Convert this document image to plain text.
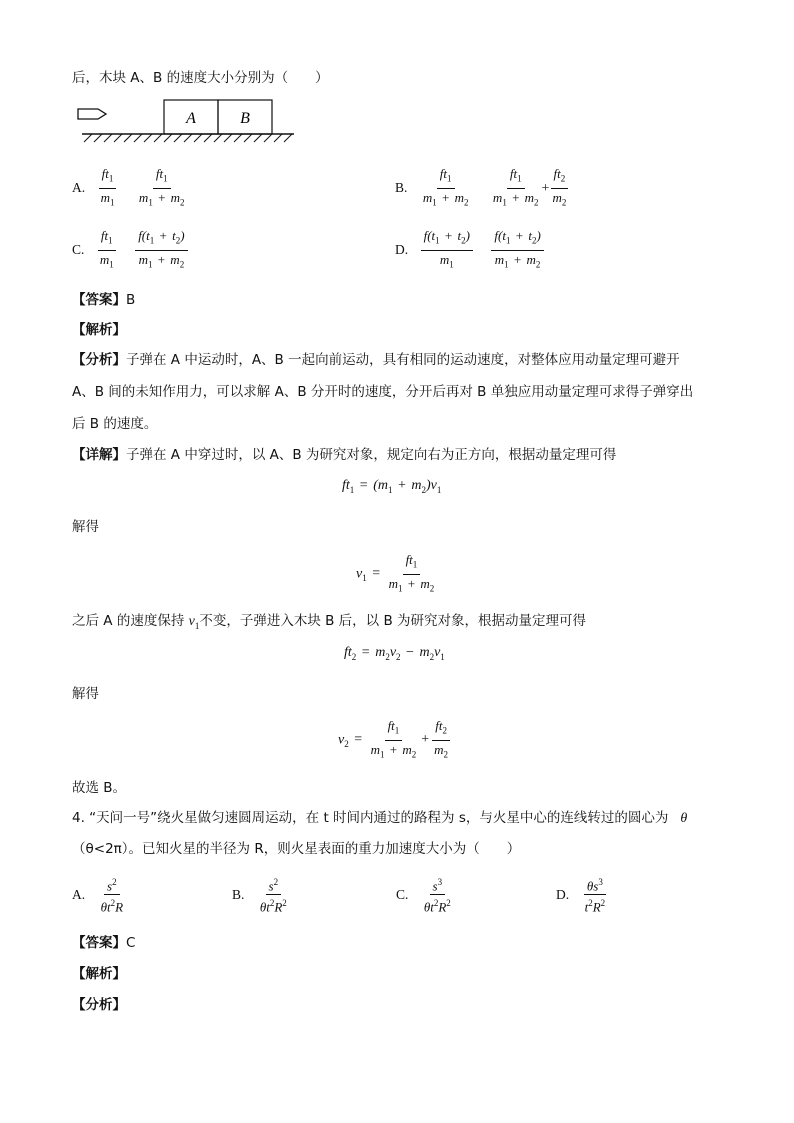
后，木块 A、B 的速度大小分别为（　　）
A	B
A. $\frac{ft_1}{m_1}$
$\frac{ft_1}{m_1 + m_2}$	B. $\frac{ft_1}{m_1 + m_2}$
$\frac{ft_1}{m_1 + m_2} + \frac{ft_2}{m_2}$
C. $\frac{ft_1}{m_1}$
$\frac{f(t_1 + t_2)}{m_1 + m_2}$	D. $\frac{f(t_1 + t_2)}{m_1}$
$\frac{f(t_1 + t_2)}{m_1 + m_2}$
【答案】B
【解析】
【分析】子弹在 A 中运动时，A、B 一起向前运动，具有相同的运动速度，对整体应用动量定理可避开
A、B 间的未知作用力，可以求解 A、B 分开时的速度，分开后再对 B 单独应用动量定理可求得子弹穿出
后 B 的速度。
【详解】子弹在 A 中穿过时，以 A、B 为研究对象，规定向右为正方向，根据动量定理可得
$ft_1 = (m_1 + m_2)v_1$
解得
$v_1 = \frac{ft_1}{m_1 + m_2}$
之后 A 的速度保持 $v_1$不变，子弹进入木块 B 后，以 B 为研究对象，根据动量定理可得
$ft_2 = m_2v_2 - m_2v_1$
解得
$v_2 = \frac{ft_1}{m_1 + m_2} + \frac{ft_2}{m_2}$
故选 B。
4. “天问一号”绕火星做匀速圆周运动，在 t 时间内通过的路程为 s，与火星中心的连线转过的圆心为 θ
（θ<2π）。已知火星的半径为 R，则火星表面的重力加速度大小为（　　）
A. $\frac{s^2}{\theta t^2R}$	B. $\frac{s^2}{\theta t^2R^2}$	C. $\frac{s^3}{\theta t^2R^2}$	D. $\frac{\theta s^3}{t^2R^2}$
【答案】C
【解析】
【分析】
